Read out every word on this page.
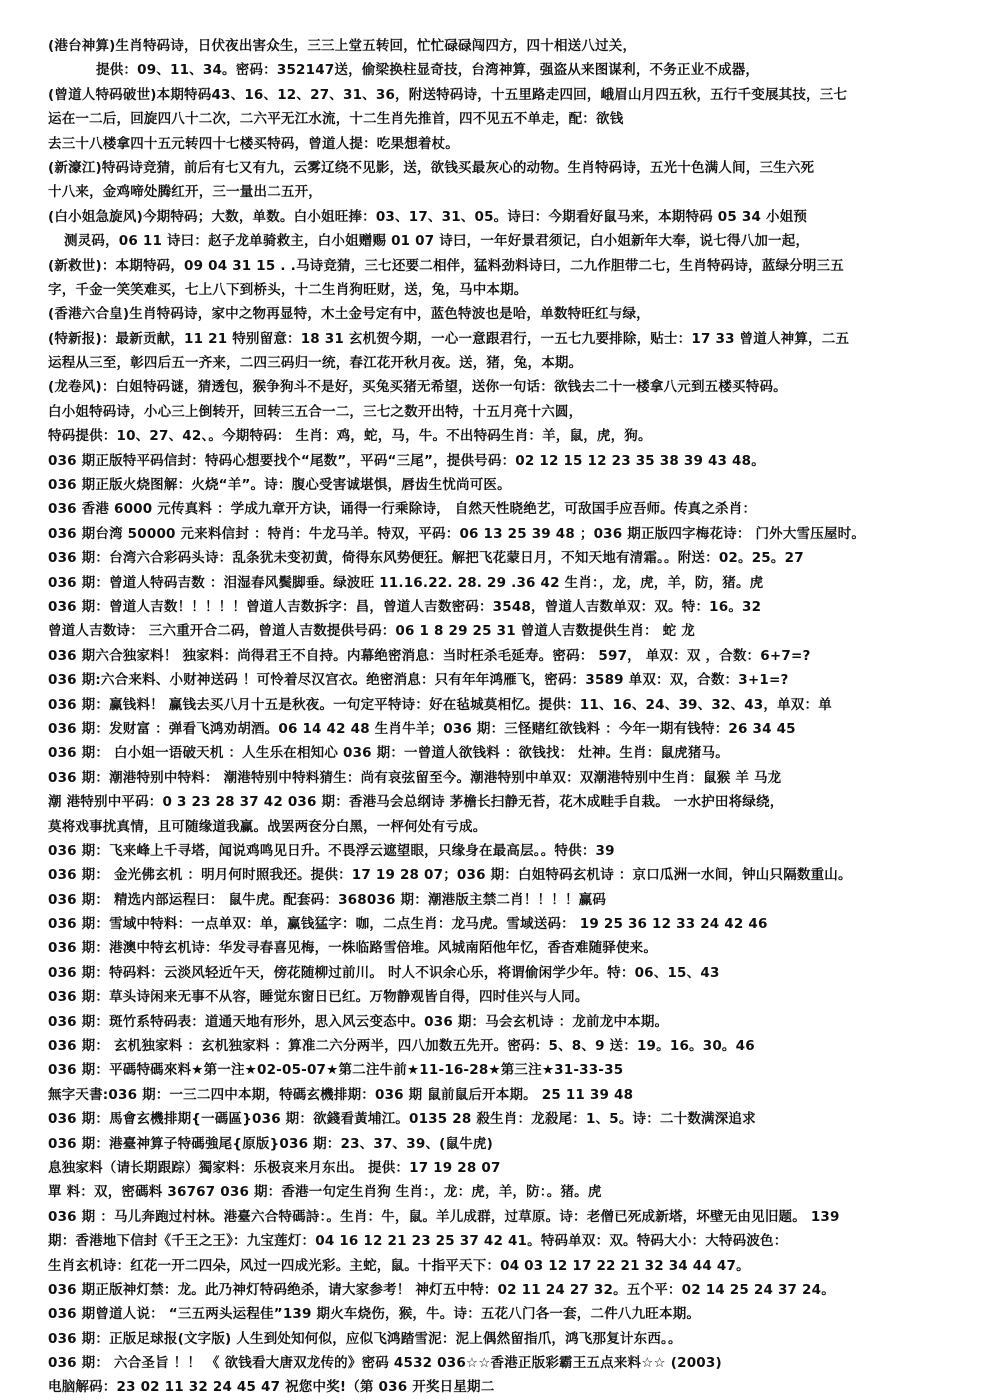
(港台神算)生肖特码诗，日伏夜出害众生，三三上堂五转回，忙忙碌碌闯四方，四十相送八过关，
提供：09、11、34。密码：352147送，偷梁换柱显奇技，台湾神算，强盗从来图谋利，不务正业不成器，
(曾道人特码破世)本期特码43、16、12、27、31、36，附送特码诗，十五里路走四回，峨眉山月四五秋，五行千变展其技，三七
运在一二后，回旋四八十二次，二六平无江水流，十二生肖先推首，四不见五不单走，配：欲钱
去三十八楼拿四十五元转四十七楼买特码，曾道人提：吃果想着杖。
(新濠江)特码诗竞猜，前后有七又有九，云雾辽绕不见影，送，欲钱买最灰心的动物。生肖特码诗，五光十色满人间，三生六死
十八来，金鸡啼处腾红开，三一量出二五开，
(白小姐急旋风)今期特码；大数，单数。白小姐旺捧：03、17、31、05。诗曰：今期看好鼠马来，本期特码 05 34 小姐预
测灵码，06 11 诗曰：赵子龙单骑救主，白小姐赠赐 01 07 诗曰，一年好景君须记，白小姐新年大奉，说七得八加一起，
(新救世)：本期特码，09 04 31 15 . .马诗竞猜，三七还要二相伴，猛料劲料诗曰，二九作胆带二七，生肖特码诗，蓝绿分明三五
字，千金一笑笑难买，七上八下到桥头，十二生肖狗旺财，送，兔，马中本期。
(香港六合皇)生肖特码诗，家中之物再显特，木土金号定有中，蓝色特波也是哈，单数特旺红与绿，
(特新报)：最新贡献，11 21 特别留意：18 31 玄机贺今期，一心一意跟君行，一五七九要排除，贴士：17 33 曾道人神算，二五
运程从三至，彰四后五一齐来，二四三码归一统，春江花开秋月夜。送，猪，兔，本期。
(龙卷风)：白姐特码谜，猜透包，猴争狗斗不是好，买兔买猪无希望，送你一句话：欲钱去二十一楼拿八元到五楼买特码。
白小姐特码诗，小心三上倒转开，回转三五合一二，三七之数开出特，十五月亮十六圆，
特码提供：10、27、42、。今期特码： 生肖：鸡，蛇，马，牛。不出特码生肖：羊，鼠，虎，狗。
036 期正版特平码信封：特码心想要找个“尾数”，平码“三尾”，提供号码：02 12 15 12 23 35 38 39 43 48。
036 期正版火烧图解：火烧“羊”。诗：腹心受害诚堪惧，唇齿生忧尚可医。
036 香港 6000 元传真料 ：学成九章开方诀，诵得一行乘除诗， 自然天性晓绝艺，可敌国手应吾师。传真之杀肖：
036 期台湾 50000 元来料信封 ：特肖：牛龙马羊。特双，平码：06 13 25 39 48 ；036 期正版四字梅花诗： 门外大雪压屋时。
036 期：台湾六合彩码头诗：乱条犹未变初黄，倚得东风势便狂。解把飞花蒙日月，不知天地有清霜。。附送：02。25。27
036 期：曾道人特码吉数 ：泪湿春风鬓脚垂。绿波旺 11.16.22. 28. 29 .36 42 生肖：，龙，虎，羊，防，猪。虎
036 期：曾道人吉数！！！！！曾道人吉数拆字：昌，曾道人吉数密码：3548，曾道人吉数单双：双。特：16。32
曾道人吉数诗： 三六重开合二码，曾道人吉数提供号码：06 1 8 29 25 31 曾道人吉数提供生肖： 蛇 龙
036 期六合独家料！ 独家料：尚得君王不自持。内幕绝密消息：当时枉杀毛延寿。密码： 597， 单双：双 ，合数：6+7=?
036 期:六合来料、小财神送码 ！可怜着尽汉宫衣。绝密消息：只有年年鸿雁飞，密码：3589 单双：双，合数：3+1=?
036 期：赢钱料！ 赢钱去买八月十五是秋夜。一句定平特诗：好在毡城莫相忆。提供：11、16、24、39、32、43，单双：单
036 期：发财富 ：弹看飞鸿劝胡酒。06 14 42 48 生肖牛羊；036 期：三怪赌红欲钱料 ：今年一期有钱特：26 34 45
036 期： 白小姐一语破天机 ：人生乐在相知心 036 期：一曾道人欲钱料 ：欲钱找： 灶神。生肖：鼠虎猪马。
036 期：潮港特别中特料： 潮港特别中特料猜生：尚有哀弦留至今。潮港特别中单双：双潮港特别中生肖：鼠猴 羊 马龙
潮 港特别中平码：0 3 23 28 37 42 036 期：香港马会总纲诗 茅檐长扫静无苔，花木成畦手自栽。 一水护田将绿绕，
莫将戏事扰真情，且可随缘道我赢。战罢两奁分白黑，一枰何处有亏成。
036 期：飞来峰上千寻塔，闻说鸡鸣见日升。不畏浮云遮望眼，只缘身在最高层。。特供：39
036 期： 金光佛玄机 ：明月何时照我还。提供：17 19 28 07；036 期：白姐特码玄机诗 ：京口瓜洲一水间，钟山只隔数重山。
036 期： 精选内部运程曰： 鼠牛虎。配套码：368036 期：潮港版主禁二肖！！！！赢码
036 期：雪域中特料：一点单双：单，赢钱猛字：咖，二点生肖：龙马虎。雪域送码： 19 25 36 12 33 24 42 46
036 期：港澳中特玄机诗：华发寻春喜见梅，一株临路雪倍堆。风城南陌他年忆，香杳难随驿使来。
036 期：特码料：云淡风轻近午天，傍花随柳过前川。 时人不识余心乐，将谓偷闲学少年。特：06、15、43
036 期：草头诗闲来无事不从容，睡觉东窗日已红。万物静观皆自得，四时佳兴与人同。
036 期：斑竹系特码表：道通天地有形外，思入风云变态中。036 期：马会玄机诗 ：龙前龙中本期。
036 期： 玄机独家料 ：玄机独家料 ：算准二六分两半，四八加数五先开。密码：5、8、9 送：19。16。30。46
036 期：平碼特碼來料★第一注★02-05-07★第二注牛前★11-16-28★第三注★31-33-35
無字天書:036 期：一三二四中本期，特碼玄機排期：036 期 鼠前鼠后开本期。 25 11 39 48
036 期：馬會玄機排期{一碼區}036 期：欲錢看黃埔江。0135 28 殺生肖：龙殺尾：1、5。诗：二十数满深追求
036 期：港臺神算子特碼強尾{原版}036 期：23、37、39、(鼠牛虎)
息独家料（请长期跟踪）獨家料：乐极哀来月东出。 提供：17 19 28 07
單 料：双，密碼料 36767 036 期：香港一句定生肖狗 生肖：，龙：虎，羊，防：。猪。虎
036 期 ：马儿奔跑过村林。港臺六合特碼詩：。生肖：牛，鼠。羊儿成群，过草原。诗：老僧已死成新塔，坏壁无由见旧题。 139
期：香港地下信封《千王之王》：九宝莲灯：04 16 12 21 23 25 37 42 41。特码单双：双。特码大小：大特码波色：
生肖玄机诗：红花一开二四朵，风过一四成光彩。主蛇，鼠。十指平天下：04 03 12 17 22 21 32 34 44 47。
036 期正版神灯禁：龙。此乃神灯特码绝杀，请大家参考！ 神灯五中特：02 11 24 27 32。五个平：02 14 25 24 37 24。
036 期曾道人说： “三五两头运程佳”139 期火车烧伤，猴，牛。诗：五花八门各一套，二件八九旺本期。
036 期：正版足球报(文字版) 人生到处知何似，应似飞鸿踏雪泥：泥上偶然留指爪，鸿飞那复计东西。。
036 期： 六合圣旨 ！！ 《 欲钱看大唐双龙传的》密码 4532 036☆☆香港正版彩霸王五点来料☆☆ (2003)
电脑解码：23 02 11 32 24 45 47 祝您中奖!（第 036 开奖日星期二
